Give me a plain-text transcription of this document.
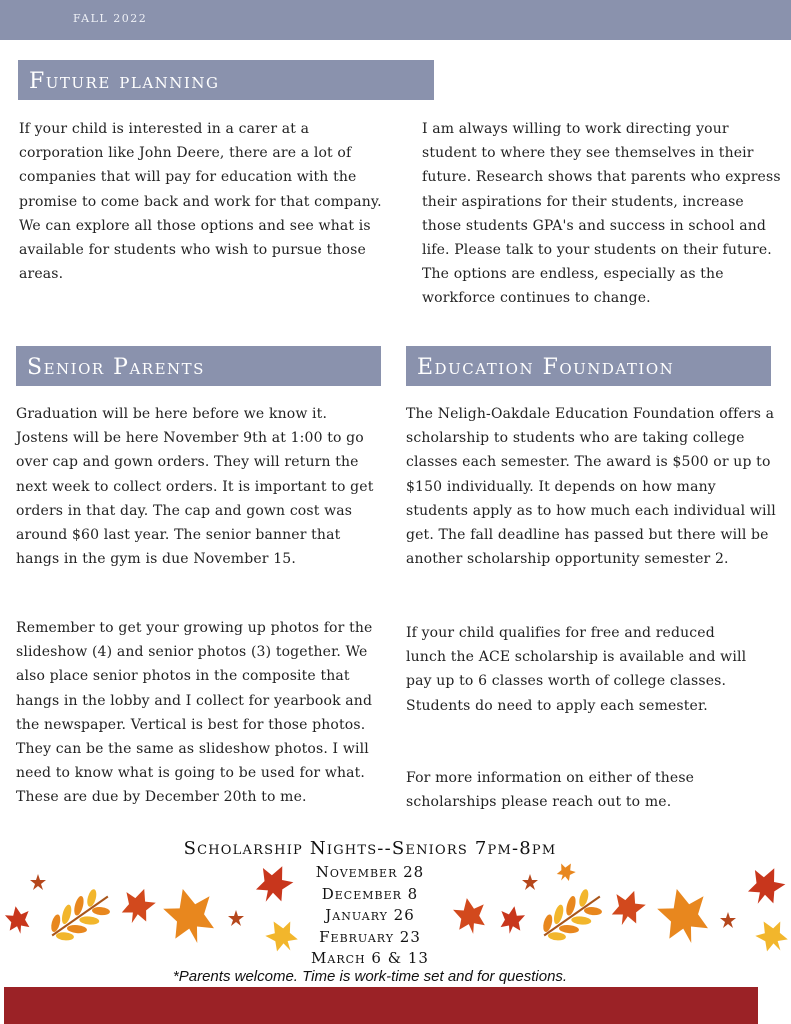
FALL 2022
Future planning

If your child is interested in a carer at a corporation like John Deere, there are a lot of companies that will pay for education with the promise to come back and work for that company. We can explore all those options and see what is available for students who wish to pursue those areas.

I am always willing to work directing your student to where they see themselves in their future. Research shows that parents who express their aspirations for their students, increase those students GPA's and success in school and life. Please talk to your students on their future. The options are endless, especially as the workforce continues to change.

Senior Parents

Graduation will be here before we know it. Jostens will be here November 9th at 1:00 to go over cap and gown orders. They will return the next week to collect orders. It is important to get orders in that day. The cap and gown cost was around $60 last year. The senior banner that hangs in the gym is due November 15.

Remember to get your growing up photos for the slideshow (4) and senior photos (3) together. We also place senior photos in the composite that hangs in the lobby and I collect for yearbook and the newspaper. Vertical is best for those photos. They can be the same as slideshow photos. I will need to know what is going to be used for what. These are due by December 20th to me.

Education Foundation

The Neligh-Oakdale Education Foundation offers a scholarship to students who are taking college classes each semester. The award is $500 or up to $150 individually. It depends on how many students apply as to how much each individual will get. The fall deadline has passed but there will be another scholarship opportunity semester 2.

If your child qualifies for free and reduced lunch the ACE scholarship is available and will pay up to 6 classes worth of college classes. Students do need to apply each semester.

For more information on either of these scholarships please reach out to me.

Scholarship Nights--Seniors 7pm-8pm
November 28
December 8
January 26
February 23
March 6 & 13
*Parents welcome. Time is work-time set and for questions.
